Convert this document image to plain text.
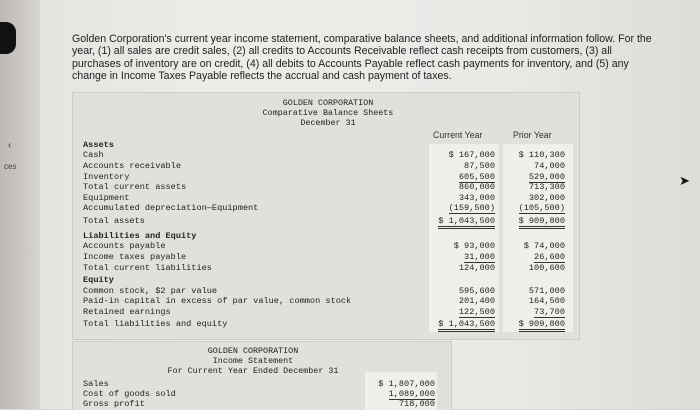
‹
ces
➤
Golden Corporation's current year income statement, comparative balance sheets, and additional information follow. For the year, (1) all sales are credit sales, (2) all credits to Accounts Receivable reflect cash receipts from customers, (3) all purchases of inventory are on credit, (4) all debits to Accounts Payable reflect cash payments for inventory, and (5) any change in Income Taxes Payable reflects the accrual and cash payment of taxes.
GOLDEN CORPORATION
Comparative Balance Sheets
December 31
Current Year	Prior Year
Assets
Cash	$ 167,000	$ 110,300
Accounts receivable	87,500	74,000
Inventory	605,500	529,000
Total current assets	860,000	713,300
Equipment	343,000	302,000
Accumulated depreciation—Equipment	(159,500)	(105,500)
Total assets	$ 1,043,500	$ 909,800
Liabilities and Equity
Accounts payable	$ 93,000	$ 74,000
Income taxes payable	31,000	26,600
Total current liabilities	124,000	100,600
Equity
Common stock, $2 par value	595,600	571,000
Paid-in capital in excess of par value, common stock	201,400	164,500
Retained earnings	122,500	73,700
Total liabilities and equity	$ 1,043,500	$ 909,800
GOLDEN CORPORATION
Income Statement
For Current Year Ended December 31
Sales	$ 1,807,000
Cost of goods sold	1,089,000
Gross profit	718,000
